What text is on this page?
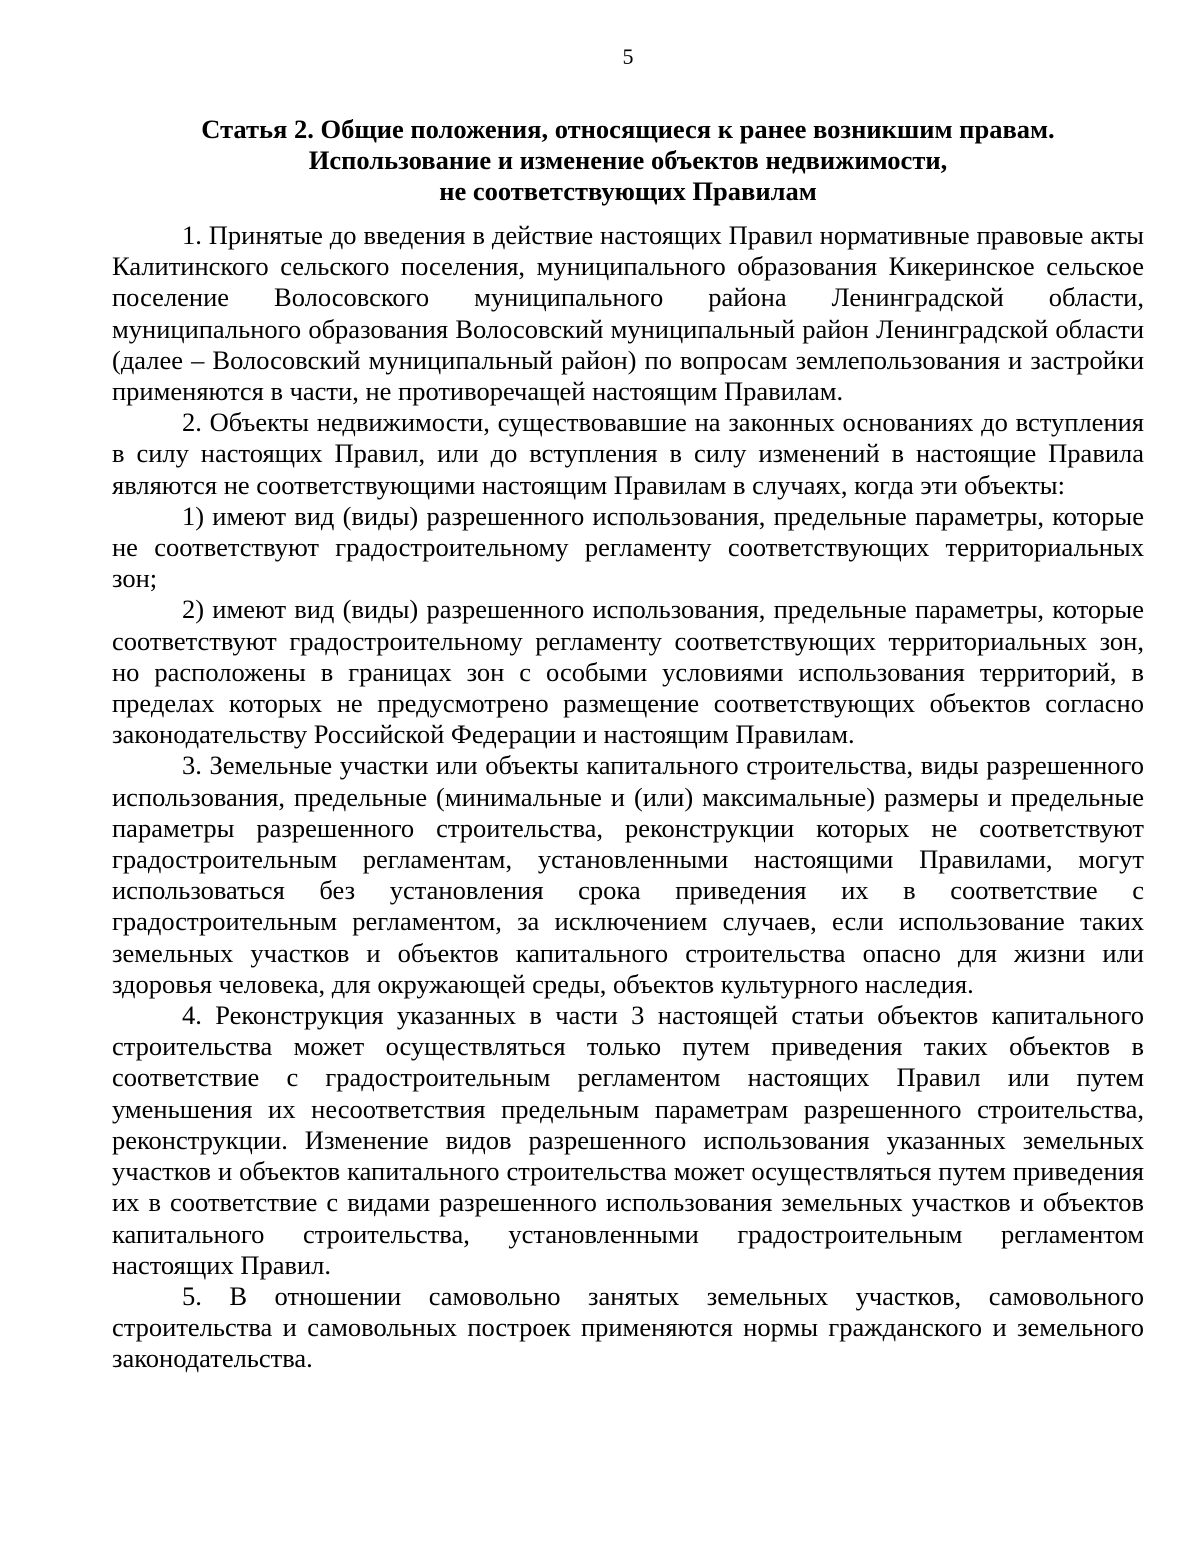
5
Статья 2. Общие положения, относящиеся к ранее возникшим правам.
Использование и изменение объектов недвижимости,
не соответствующих Правилам

1. Принятые до введения в действие настоящих Правил нормативные правовые акты Калитинского сельского поселения, муниципального образования Кикеринское сельское поселение Волосовского муниципального района Ленинградской области, муниципального образования Волосовский муниципальный район Ленинградской области (далее – Волосовский муниципальный район) по вопросам землепользования и застройки применяются в части, не противоречащей настоящим Правилам.

2. Объекты недвижимости, существовавшие на законных основаниях до вступления в силу настоящих Правил, или до вступления в силу изменений в настоящие Правила являются не соответствующими настоящим Правилам в случаях, когда эти объекты:

1) имеют вид (виды) разрешенного использования, предельные параметры, которые не соответствуют градостроительному регламенту соответствующих территориальных зон;

2) имеют вид (виды) разрешенного использования, предельные параметры, которые соответствуют градостроительному регламенту соответствующих территориальных зон, но расположены в границах зон с особыми условиями использования территорий, в пределах которых не предусмотрено размещение соответствующих объектов согласно законодательству Российской Федерации и настоящим Правилам.

3. Земельные участки или объекты капитального строительства, виды разрешенного использования, предельные (минимальные и (или) максимальные) размеры и предельные параметры разрешенного строительства, реконструкции которых не соответствуют градостроительным регламентам, установленными настоящими Правилами, могут использоваться без установления срока приведения их в соответствие с градостроительным регламентом, за исключением случаев, если использование таких земельных участков и объектов капитального строительства опасно для жизни или здоровья человека, для окружающей среды, объектов культурного наследия.

4. Реконструкция указанных в части 3 настоящей статьи объектов капитального строительства может осуществляться только путем приведения таких объектов в соответствие с градостроительным регламентом настоящих Правил или путем уменьшения их несоответствия предельным параметрам разрешенного строительства, реконструкции. Изменение видов разрешенного использования указанных земельных участков и объектов капитального строительства может осуществляться путем приведения их в соответствие с видами разрешенного использования земельных участков и объектов капитального строительства, установленными градостроительным регламентом настоящих Правил.

5. В отношении самовольно занятых земельных участков, самовольного строительства и самовольных построек применяются нормы гражданского и земельного законодательства.
